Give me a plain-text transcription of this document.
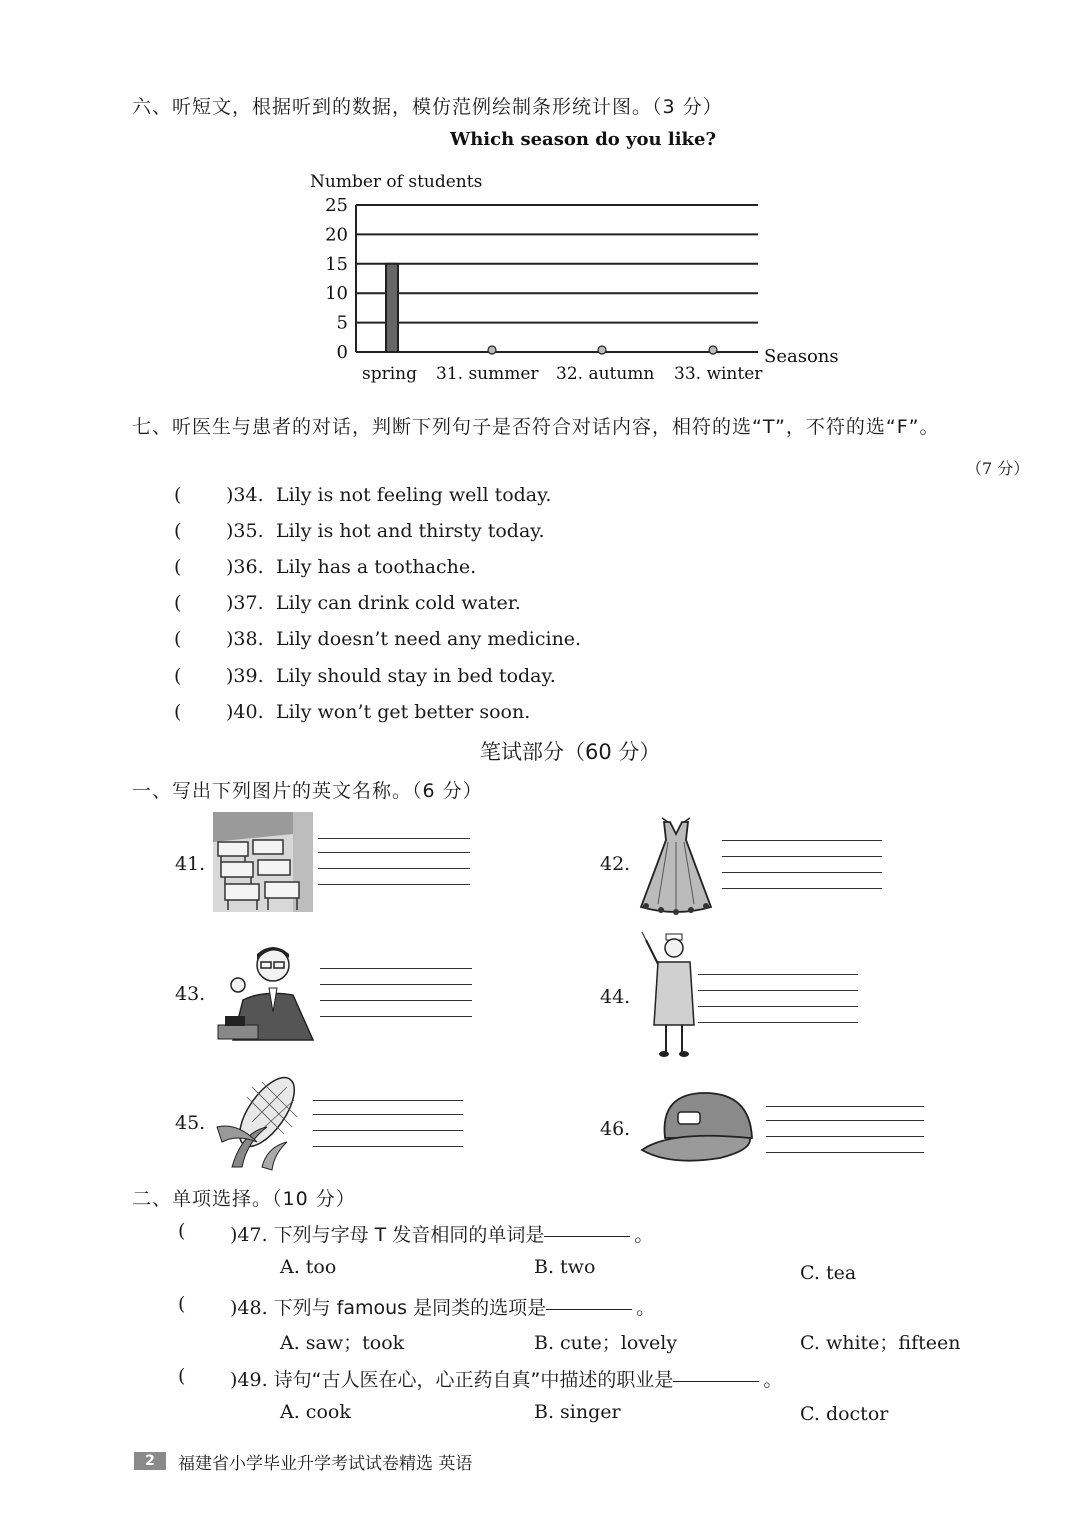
六、听短文，根据听到的数据，模仿范例绘制条形统计图。（3 分）
Which season do you like?
Number of students
25
20
15
10
5
0	Seasons
spring 31. summer 32. autumn 33. winter
七、听医生与患者的对话，判断下列句子是否符合对话内容，相符的选“T”，不符的选“F”。
（7 分）
( )34. Lily is not feeling well today.
( )35. Lily is hot and thirsty today.
( )36. Lily has a toothache.
( )37. Lily can drink cold water.
( )38. Lily doesn’t need any medicine.
( )39. Lily should stay in bed today.
( )40. Lily won’t get better soon.
笔试部分（60 分）
一、写出下列图片的英文名称。（6 分）
41.	42.
43.	44.
45.	46.
二、单项选择。（10 分）
( )47. 下列与字母 T 发音相同的单词是	。
A. too	B. two	C. tea
( )48. 下列与 famous 是同类的选项是	。
A. saw；took	B. cute；lovely	C. white；fifteen
( )49. 诗句“古人医在心，心正药自真”中描述的职业是	。
A. cook	B. singer	C. doctor
2	福建省小学毕业升学考试试卷精选 英语
